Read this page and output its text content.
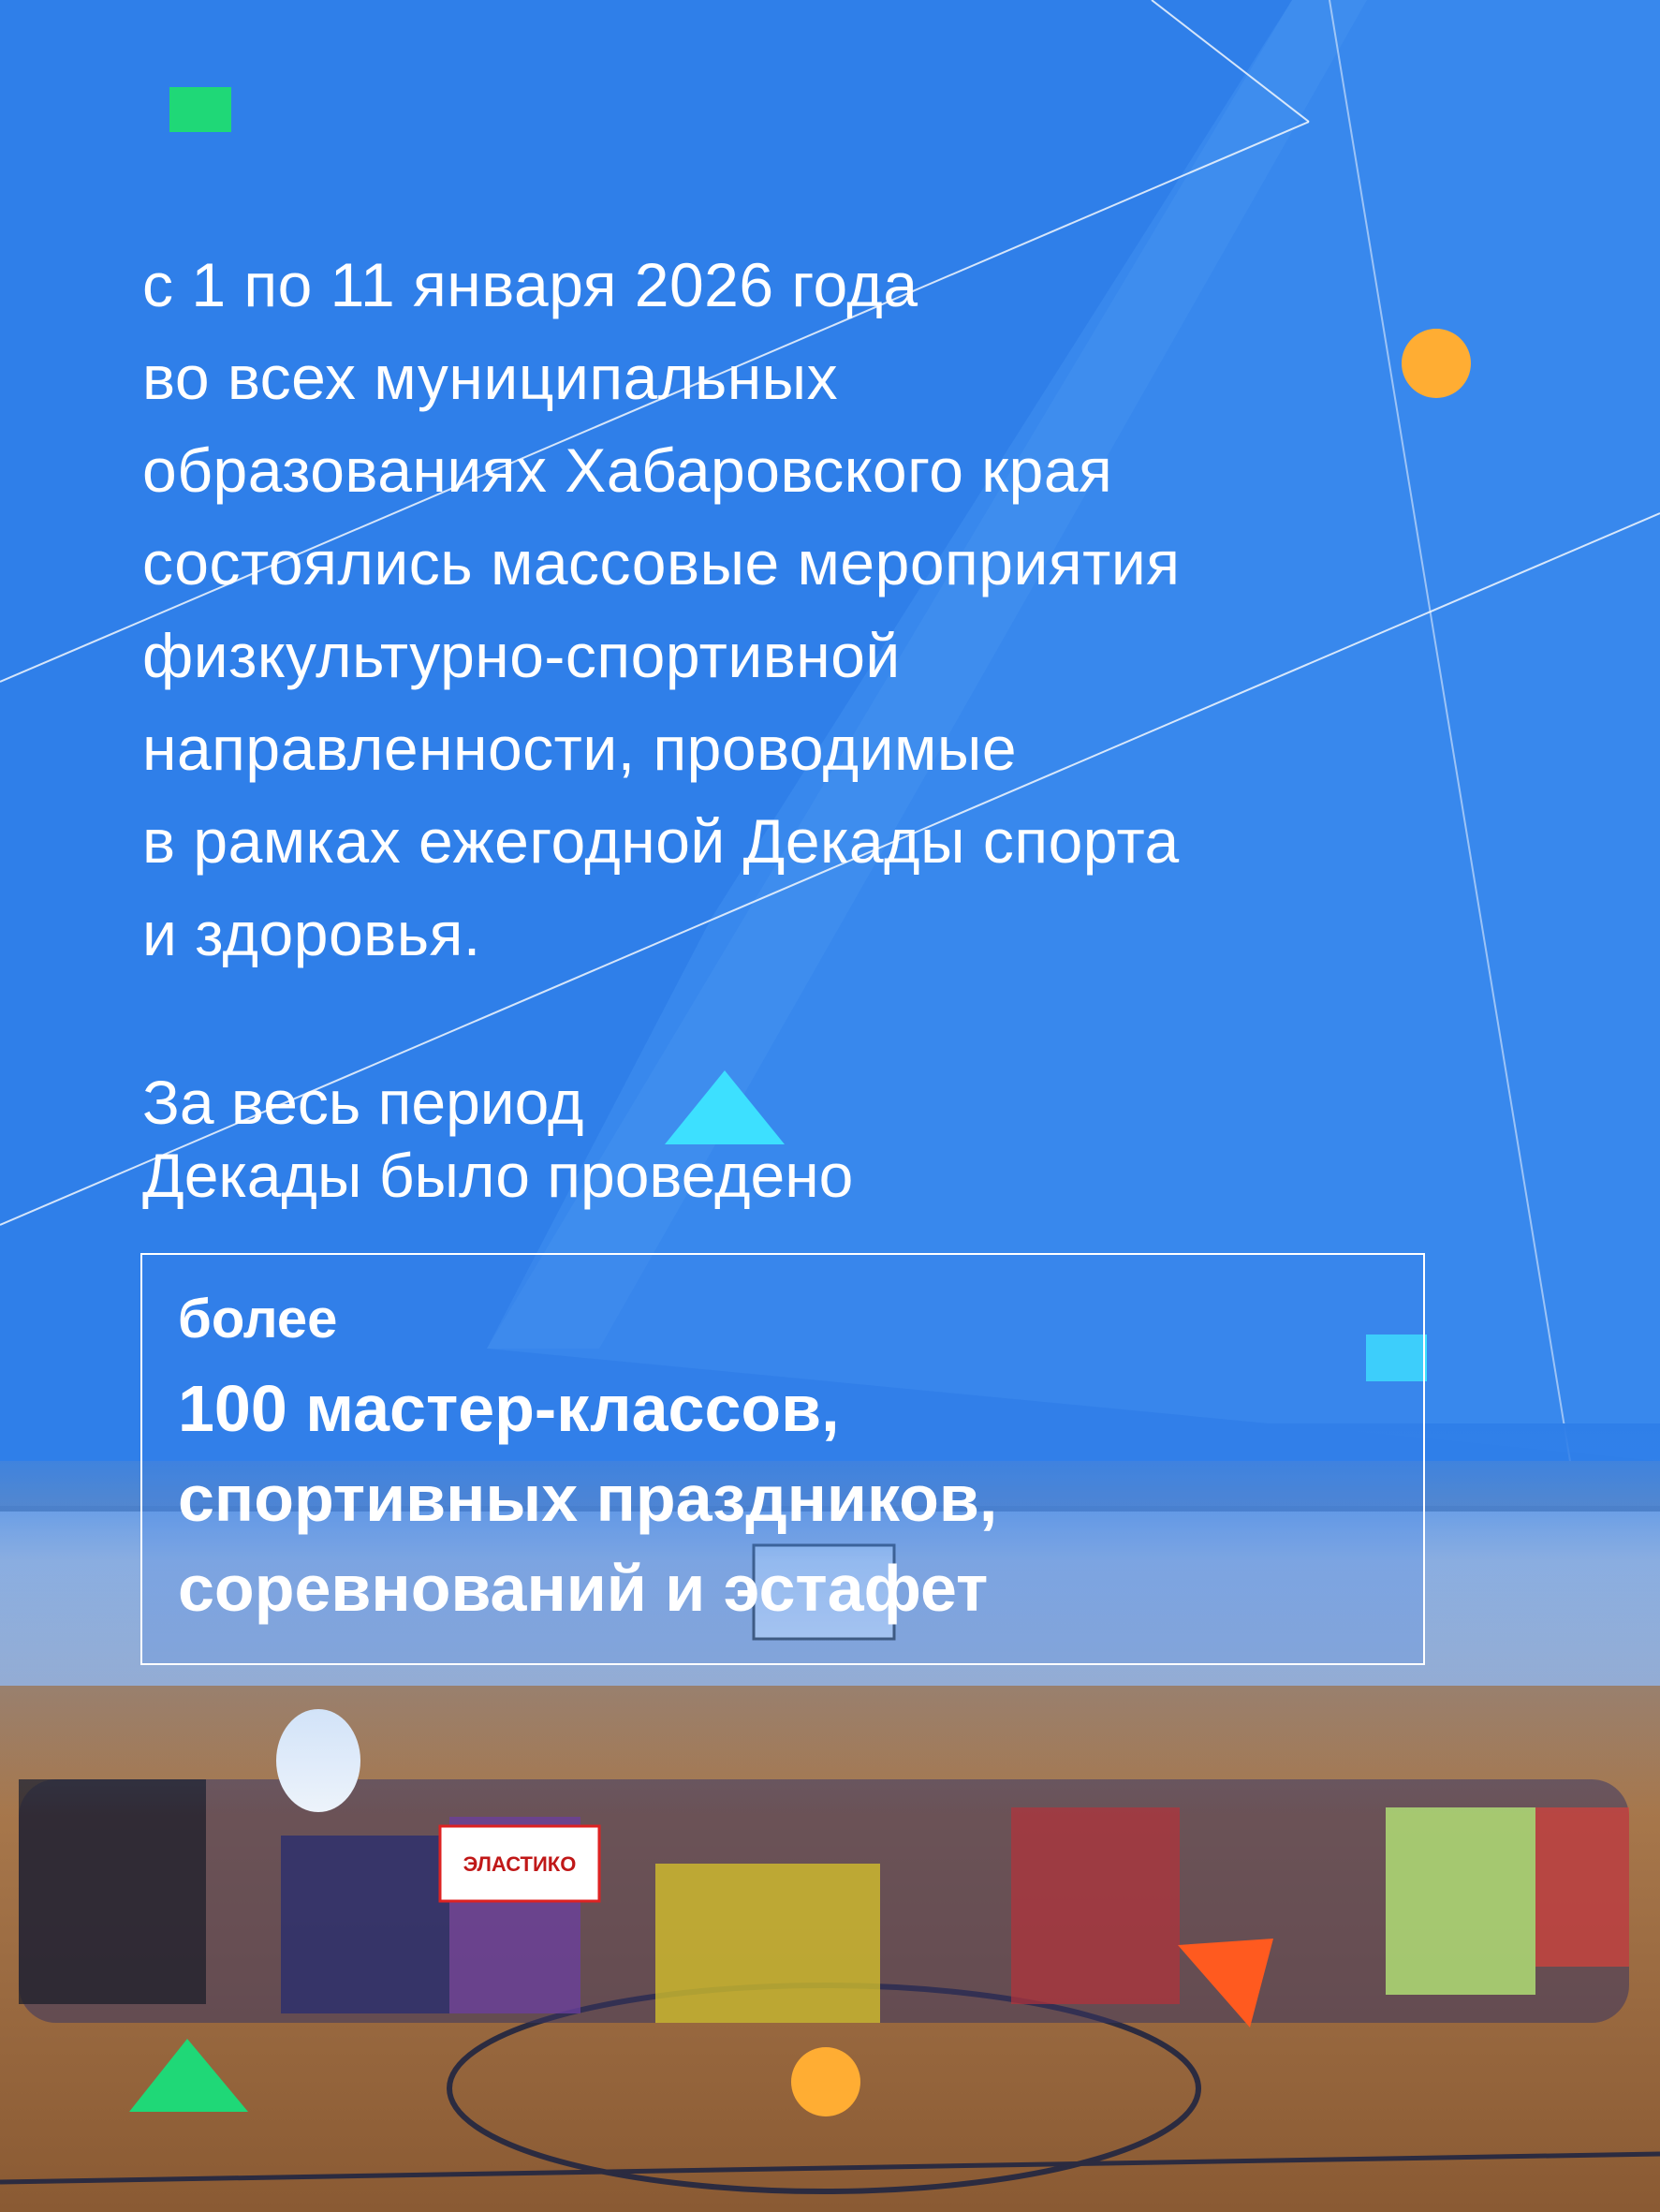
ЭЛАСТИКО
с 1 по 11 января 2026 года
во всех муниципальных
образованиях Хабаровского края
состоялись массовые мероприятия
физкультурно-спортивной
направленности, проводимые
в рамках ежегодной Декады спорта
и здоровья.
За весь период
Декады было проведено
более
100 мастер-классов,
спортивных праздников,
соревнований и эстафет
